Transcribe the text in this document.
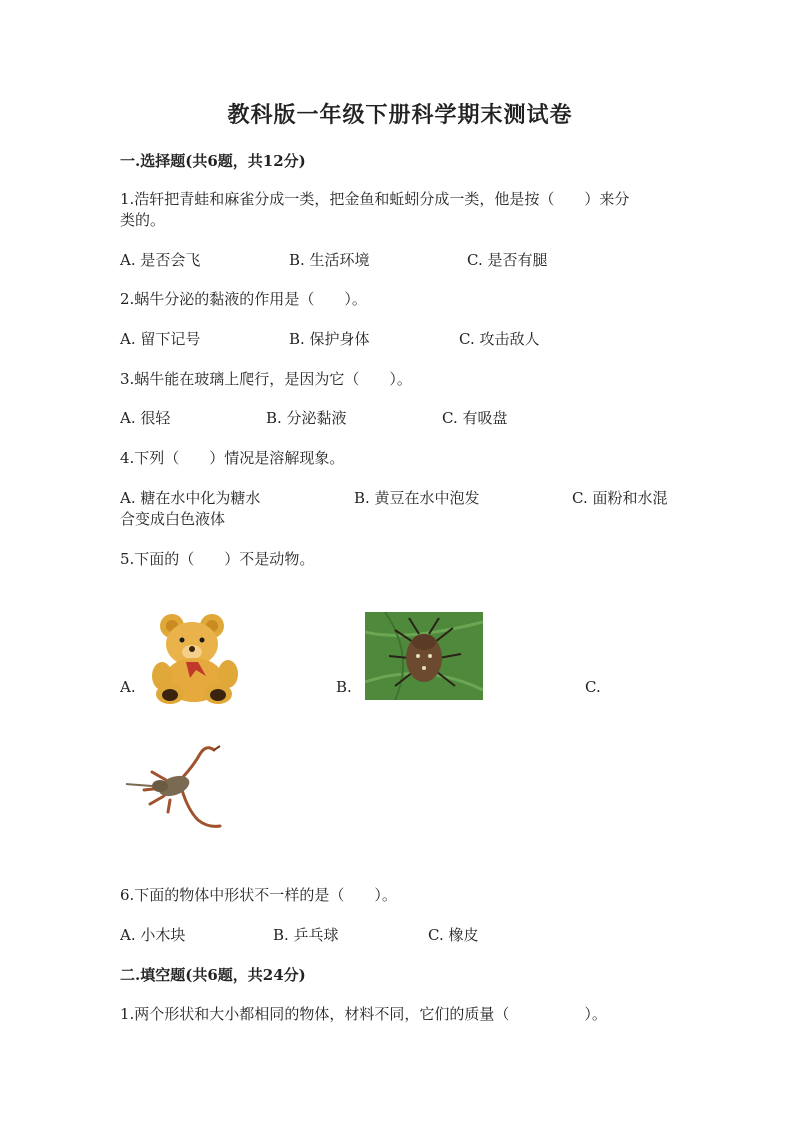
教科版一年级下册科学期末测试卷
一.选择题(共6题，共12分)
1.浩轩把青蛙和麻雀分成一类，把金鱼和蚯蚓分成一类，他是按（　　）来分
类的。
A. 是否会飞	B. 生活环境	C. 是否有腿
2.蜗牛分泌的黏液的作用是（　　）。
A. 留下记号	B. 保护身体	C. 攻击敌人
3.蜗牛能在玻璃上爬行，是因为它（　　）。
A. 很轻	B. 分泌黏液	C. 有吸盘
4.下列（　　）情况是溶解现象。
A. 糖在水中化为糖水	B. 黄豆在水中泡发	C. 面粉和水混
合变成白色液体
5.下面的（　　）不是动物。
A.	B.	C.
6.下面的物体中形状不一样的是（　　）。
A. 小木块	B. 乒乓球	C. 橡皮
二.填空题(共6题，共24分)
1.两个形状和大小都相同的物体，材料不同，它们的质量（　　　　　）。
